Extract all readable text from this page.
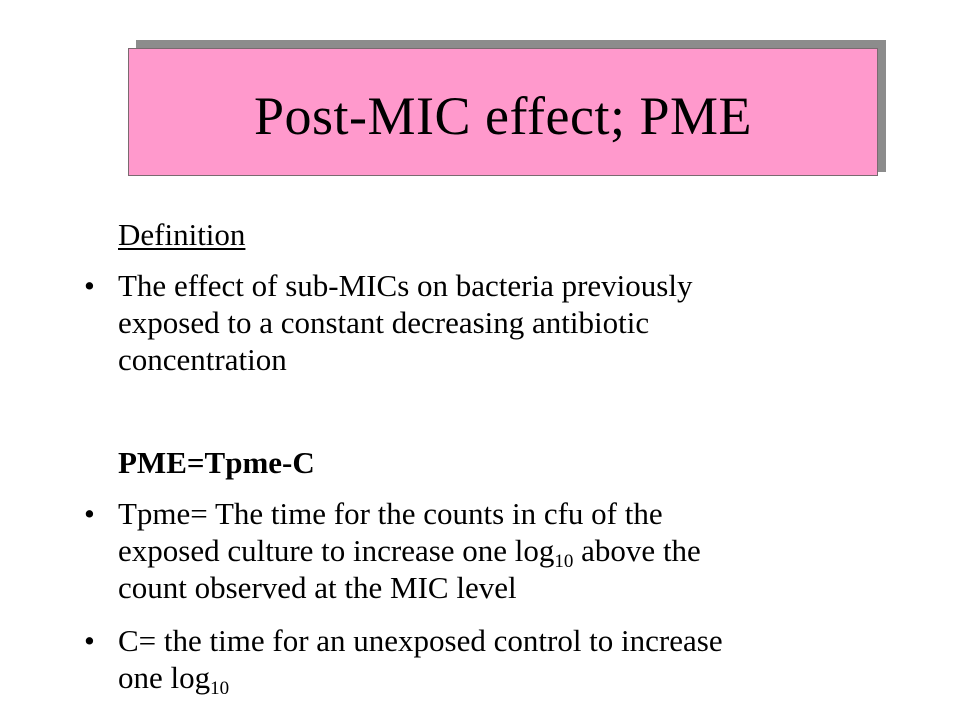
Post-MIC effect; PME
Definition
• The effect of sub-MICs on bacteria previously
exposed to a constant decreasing antibiotic
concentration
PME=Tpme-C
• Tpme= The time for the counts in cfu of the
exposed culture to increase one $\log_{10}$ above the
count observed at the MIC level
• C= the time for an unexposed control to increase
one $\log_{10}$
